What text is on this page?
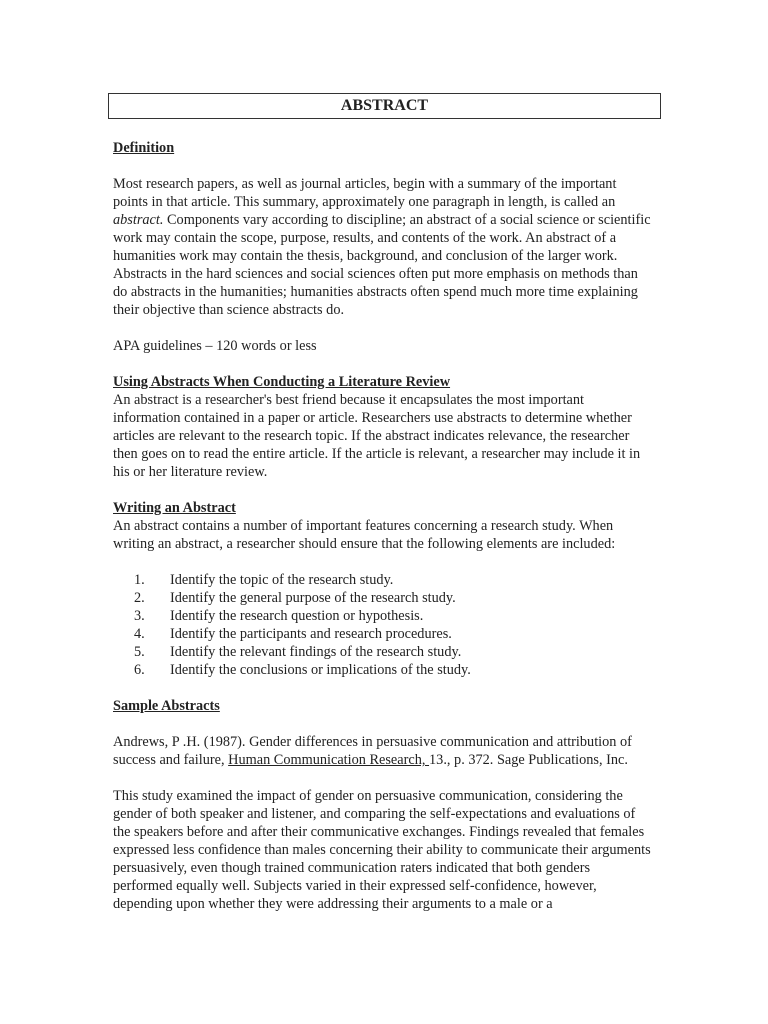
ABSTRACT
Definition

Most research papers, as well as journal articles, begin with a summary of the important points in that article. This summary, approximately one paragraph in length, is called an abstract. Components vary according to discipline; an abstract of a social science or scientific work may contain the scope, purpose, results, and contents of the work. An abstract of a humanities work may contain the thesis, background, and conclusion of the larger work. Abstracts in the hard sciences and social sciences often put more emphasis on methods than do abstracts in the humanities; humanities abstracts often spend much more time explaining their objective than science abstracts do.

APA guidelines – 120 words or less

Using Abstracts When Conducting a Literature Review

An abstract is a researcher's best friend because it encapsulates the most important information contained in a paper or article. Researchers use abstracts to determine whether articles are relevant to the research topic. If the abstract indicates relevance, the researcher then goes on to read the entire article. If the article is relevant, a researcher may include it in his or her literature review.

Writing an Abstract

An abstract contains a number of important features concerning a research study. When writing an abstract, a researcher should ensure that the following elements are included:

1.	Identify the topic of the research study.
2.	Identify the general purpose of the research study.
3.	Identify the research question or hypothesis.
4.	Identify the participants and research procedures.
5.	Identify the relevant findings of the research study.
6.	Identify the conclusions or implications of the study.
Sample Abstracts

Andrews, P .H. (1987). Gender differences in persuasive communication and attribution of success and failure, Human Communication Research, 13., p. 372. Sage Publications, Inc.

This study examined the impact of gender on persuasive communication, considering the gender of both speaker and listener, and comparing the self-expectations and evaluations of the speakers before and after their communicative exchanges. Findings revealed that females expressed less confidence than males concerning their ability to communicate their arguments persuasively, even though trained communication raters indicated that both genders performed equally well. Subjects varied in their expressed self-confidence, however, depending upon whether they were addressing their arguments to a male or a
